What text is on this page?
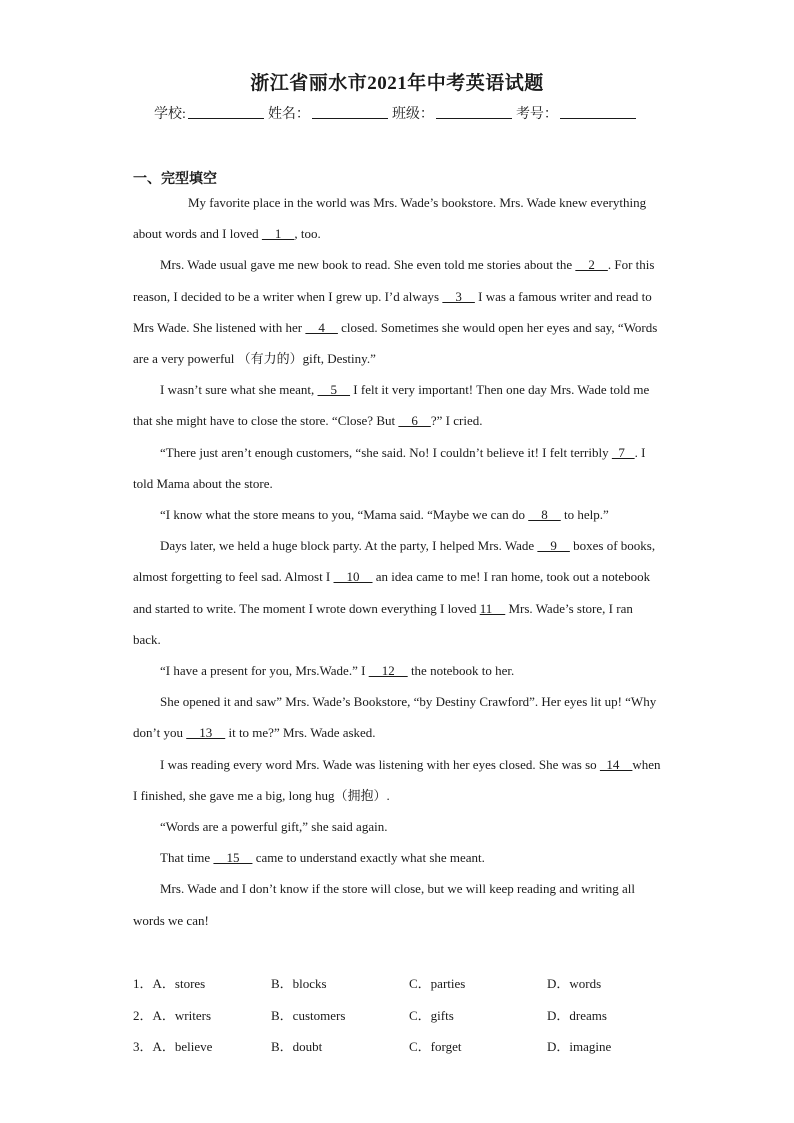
浙江省丽水市2021年中考英语试题
学校:	姓名：	班级：	考号：
一、完型填空

My favorite place in the world was Mrs. Wade’s bookstore. Mrs. Wade knew everything about words and I loved     1    , too.

Mrs. Wade usual gave me new book to read. She even told me stories about the     2    . For this reason, I decided to be a writer when I grew up. I’d always     3     I was a famous writer and read to Mrs Wade. She listened with her     4     closed. Sometimes she would open her eyes and say, “Words are a very powerful （有力的）gift, Destiny.”

I wasn’t sure what she meant,     5     I felt it very important! Then one day Mrs. Wade told me that she might have to close the store. “Close? But     6    ?” I cried.

“There just aren’t enough customers, “she said. No! I couldn’t believe it! I felt terribly   7   . I told Mama about the store.

“I know what the store means to you, “Mama said. “Maybe we can do     8     to help.”

Days later, we held a huge block party. At the party, I helped Mrs. Wade     9     boxes of books, almost forgetting to feel sad. Almost I     10     an idea came to me! I ran home, took out a notebook and started to write. The moment I wrote down everything I loved 11     Mrs. Wade’s store, I ran back.

“I have a present for you, Mrs.Wade.” I     12     the notebook to her.

She opened it and saw” Mrs. Wade’s Bookstore, “by Destiny Crawford”. Her eyes lit up! “Why don’t you     13     it to me?” Mrs. Wade asked.

I was reading every word Mrs. Wade was listening with her eyes closed. She was so   14    when I finished, she gave me a big, long hug（拥抱）.

“Words are a powerful gift,” she said again.

That time     15     came to understand exactly what she meant.

Mrs. Wade and I don’t know if the store will close, but we will keep reading and writing all words we can!

1．A．stores	B．blocks	C．parties	D．words
2．A．writers	B．customers	C．gifts	D．dreams
3．A．believe	B．doubt	C．forget	D．imagine
